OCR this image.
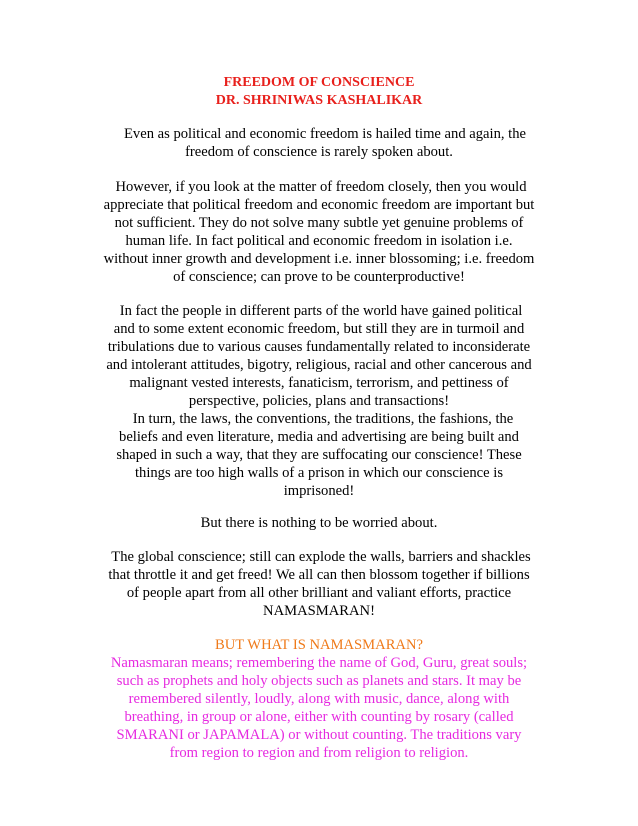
FREEDOM OF CONSCIENCE
DR. SHRINIWAS KASHALIKAR
Even as political and economic freedom is hailed time and again, the
freedom of conscience is rarely spoken about.
However, if you look at the matter of freedom closely, then you would
appreciate that political freedom and economic freedom are important but
not sufficient. They do not solve many subtle yet genuine problems of
human life. In fact political and economic freedom in isolation i.e.
without inner growth and development i.e. inner blossoming; i.e. freedom
of conscience; can prove to be counterproductive!
In fact the people in different parts of the world have gained political
and to some extent economic freedom, but still they are in turmoil and
tribulations due to various causes fundamentally related to inconsiderate
and intolerant attitudes, bigotry, religious, racial and other cancerous and
malignant vested interests, fanaticism, terrorism, and pettiness of
perspective, policies, plans and transactions!
In turn, the laws, the conventions, the traditions, the fashions, the
beliefs and even literature, media and advertising are being built and
shaped in such a way, that they are suffocating our conscience! These
things are too high walls of a prison in which our conscience is
imprisoned!
But there is nothing to be worried about.
The global conscience; still can explode the walls, barriers and shackles
that throttle it and get freed! We all can then blossom together if billions
of people apart from all other brilliant and valiant efforts, practice
NAMASMARAN!
BUT WHAT IS NAMASMARAN?
Namasmaran means; remembering the name of God, Guru, great souls;
such as prophets and holy objects such as planets and stars. It may be
remembered silently, loudly, along with music, dance, along with
breathing, in group or alone, either with counting by rosary (called
SMARANI or JAPAMALA) or without counting. The traditions vary
from region to region and from religion to religion.
